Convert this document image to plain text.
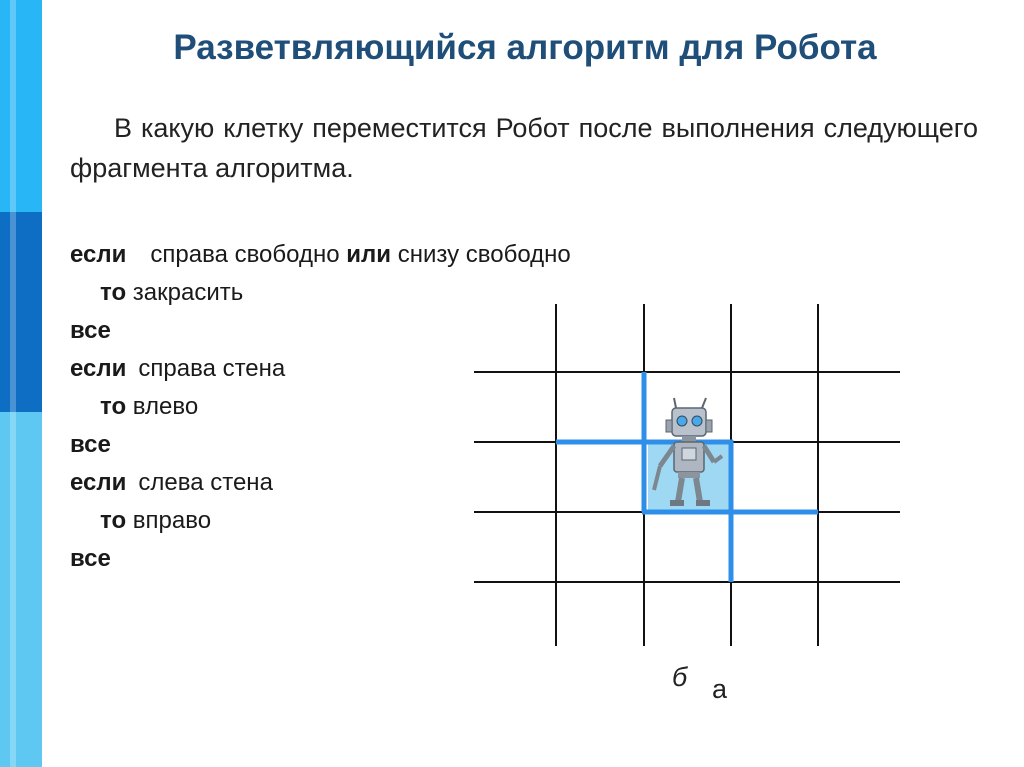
Разветвляющийся алгоритм для Робота
В какую клетку переместится Робот после выполнения следующего фрагмента алгоритма.
если справа свободно или снизу свободно
то закрасить
все
если справа стена
то влево
все
если слева стена
то вправо
все
б а
